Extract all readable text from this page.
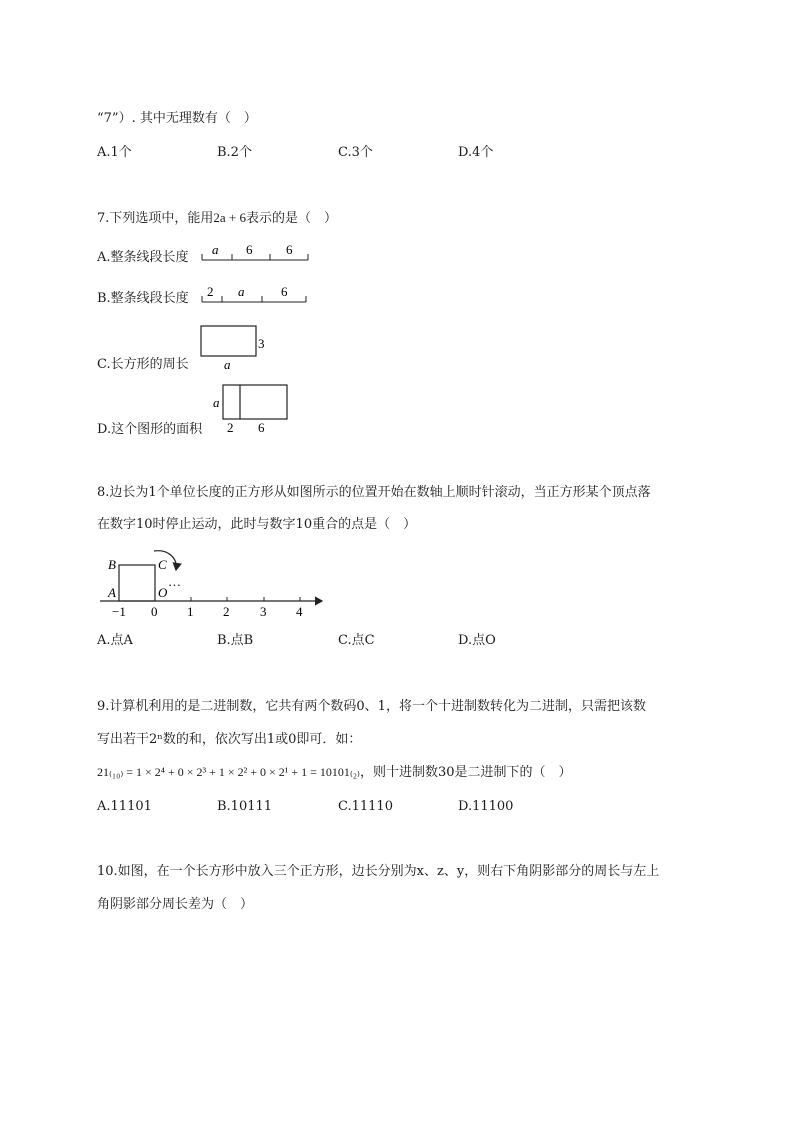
“7”）. 其中无理数有（　）
A.1个	B.2个	C.3个	D.4个
7.下列选项中，能用2a + 6表示的是（　）
A.整条线段长度
a 6	6
B.整条线段长度 2 a	6
C.长方形的周长
3
a
D.这个图形的面积
a
2 6
8.边长为1个单位长度的正方形从如图所示的位置开始在数轴上顺时针滚动，当正方形某个顶点落
在数字10时停止运动，此时与数字10重合的点是（　）
A
B	C
O
…
−1 0 1 2 3 4
A.点A	B.点B	C.点C	D.点O
9.计算机利用的是二进制数，它共有两个数码0、1，将一个十进制数转化为二进制，只需把该数
写出若干2ⁿ数的和，依次写出1或0即可．如：
21₍₁₀₎ = 1 × 2⁴ + 0 × 2³ + 1 × 2² + 0 × 2¹ + 1 = 10101₍₂₎，则十进制数30是二进制下的（　）
A.11101	B.10111	C.11110	D.11100
10.如图，在一个长方形中放入三个正方形，边长分别为x、z、y，则右下角阴影部分的周长与左上
角阴影部分周长差为（　）
